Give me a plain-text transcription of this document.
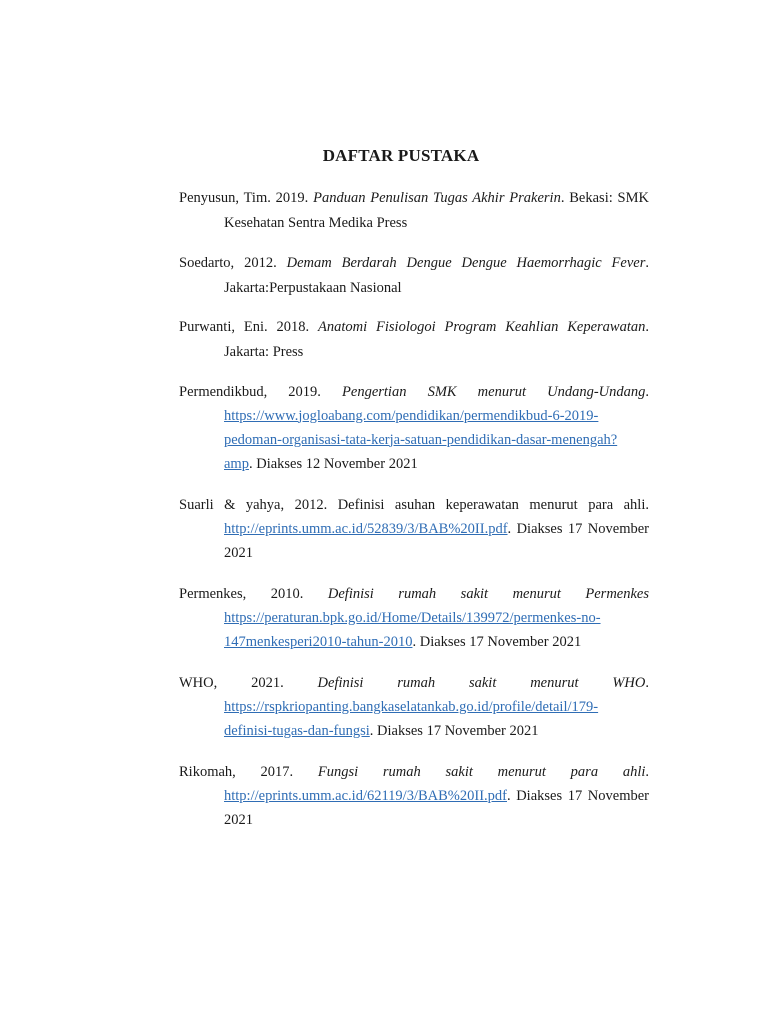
DAFTAR PUSTAKA
Penyusun, Tim. 2019. Panduan Penulisan Tugas Akhir Prakerin. Bekasi: SMK Kesehatan Sentra Medika Press
Soedarto, 2012. Demam Berdarah Dengue Dengue Haemorrhagic Fever. Jakarta:Perpustakaan Nasional
Purwanti, Eni. 2018. Anatomi Fisiologoi Program Keahlian Keperawatan. Jakarta: Press
Permendikbud, 2019. Pengertian SMK menurut Undang-Undang. https://www.jogloabang.com/pendidikan/permendikbud-6-2019-
pedoman-organisasi-tata-kerja-satuan-pendidikan-dasar-menengah?
amp. Diakses 12 November 2021
Suarli & yahya, 2012. Definisi asuhan keperawatan menurut para ahli. http://eprints.umm.ac.id/52839/3/BAB%20II.pdf. Diakses 17 November 2021
Permenkes, 2010. Definisi rumah sakit menurut Permenkes https://peraturan.bpk.go.id/Home/Details/139972/permenkes-no-
147menkesperi2010-tahun-2010. Diakses 17 November 2021
WHO, 2021. Definisi rumah sakit menurut WHO. https://rspkriopanting.bangkaselatankab.go.id/profile/detail/179-
definisi-tugas-dan-fungsi. Diakses 17 November 2021
Rikomah, 2017. Fungsi rumah sakit menurut para ahli. http://eprints.umm.ac.id/62119/3/BAB%20II.pdf. Diakses 17 November 2021
